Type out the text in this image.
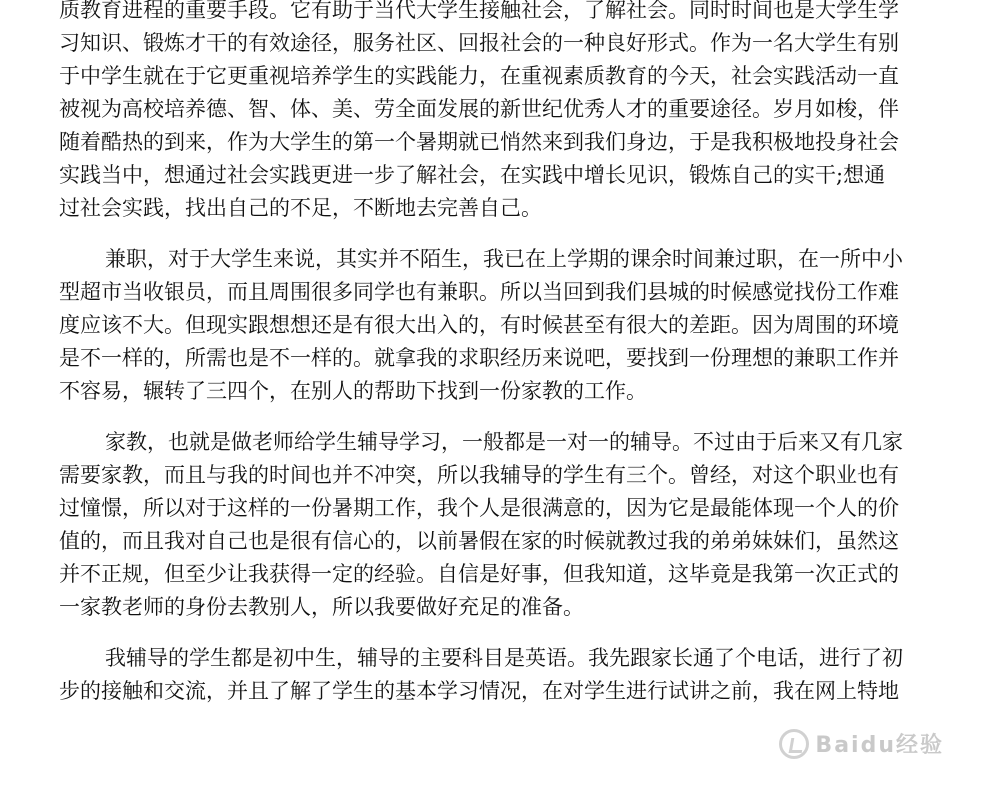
质教育进程的重要手段。它有助于当代大学生接触社会，了解社会。同时时间也是大学生学
习知识、锻炼才干的有效途径，服务社区、回报社会的一种良好形式。作为一名大学生有别
于中学生就在于它更重视培养学生的实践能力，在重视素质教育的今天，社会实践活动一直
被视为高校培养德、智、体、美、劳全面发展的新世纪优秀人才的重要途径。岁月如梭，伴
随着酷热的到来，作为大学生的第一个暑期就已悄然来到我们身边，于是我积极地投身社会
实践当中，想通过社会实践更进一步了解社会，在实践中增长见识，锻炼自己的实干;想通
过社会实践，找出自己的不足，不断地去完善自己。
兼职，对于大学生来说，其实并不陌生，我已在上学期的课余时间兼过职，在一所中小
型超市当收银员，而且周围很多同学也有兼职。所以当回到我们县城的时候感觉找份工作难
度应该不大。但现实跟想想还是有很大出入的，有时候甚至有很大的差距。因为周围的环境
是不一样的，所需也是不一样的。就拿我的求职经历来说吧，要找到一份理想的兼职工作并
不容易，辗转了三四个，在别人的帮助下找到一份家教的工作。
家教，也就是做老师给学生辅导学习，一般都是一对一的辅导。不过由于后来又有几家
需要家教，而且与我的时间也并不冲突，所以我辅导的学生有三个。曾经，对这个职业也有
过憧憬，所以对于这样的一份暑期工作，我个人是很满意的，因为它是最能体现一个人的价
值的，而且我对自己也是很有信心的，以前暑假在家的时候就教过我的弟弟妹妹们，虽然这
并不正规，但至少让我获得一定的经验。自信是好事，但我知道，这毕竟是我第一次正式的
一家教老师的身份去教别人，所以我要做好充足的准备。
我辅导的学生都是初中生，辅导的主要科目是英语。我先跟家长通了个电话，进行了初
步的接触和交流，并且了解了学生的基本学习情况，在对学生进行试讲之前，我在网上特地
Baidu经验
